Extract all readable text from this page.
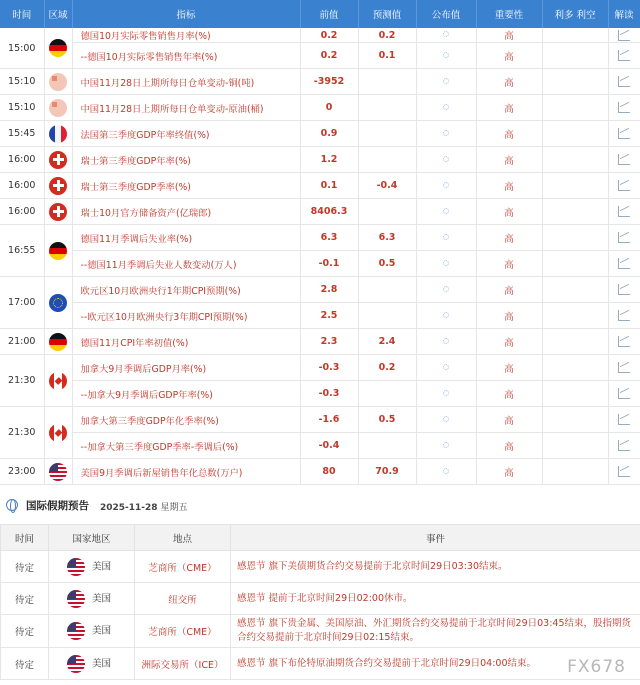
时间	区域	指标	前值	预测值	公布值	重要性	利多 利空	解读
15:00		德国10月实际零售销售月率(%)	0.2	0.2		高		
		--德国10月实际零售销售年率(%)	0.2	0.1		高		
15:10		中国11月28日上期所每日仓单变动-铜(吨)	-3952			高		
15:10		中国11月28日上期所每日仓单变动-原油(桶)	0			高		
15:45		法国第三季度GDP年率终值(%)	0.9			高		
16:00		瑞士第三季度GDP年率(%)	1.2			高		
16:00		瑞士第三季度GDP季率(%)	0.1	-0.4		高		
16:00		瑞士10月官方储备资产(亿瑞郎)	8406.3			高		
16:55		德国11月季调后失业率(%)	6.3	6.3		高		
		--德国11月季调后失业人数变动(万人)	-0.1	0.5		高		
17:00		欧元区10月欧洲央行1年期CPI预期(%)	2.8			高		
		--欧元区10月欧洲央行3年期CPI预期(%)	2.5			高		
21:00		德国11月CPI年率初值(%)	2.3	2.4		高		
21:30		加拿大9月季调后GDP月率(%)	-0.3	0.2		高		
		--加拿大9月季调后GDP年率(%)	-0.3			高		
21:30		加拿大第三季度GDP年化季率(%)	-1.6	0.5		高		
		--加拿大第三季度GDP季率-季调后(%)	-0.4			高		
23:00		美国9月季调后新屋销售年化总数(万户)	80	70.9		高		
国际假期预告 2025-11-28 星期五
时间	国家地区	地点	事件
待定	美国	芝商所（CME）	感恩节 旗下美债期货合约交易提前于北京时间29日03:30结束。
待定	美国	纽交所	感恩节 提前于北京时间29日02:00休市。
待定	美国	芝商所（CME）	感恩节 旗下贵金属、美国原油、外汇期货合约交易提前于北京时间29日03:45结束，股指期货合约交易提前于北京时间29日02:15结束。
待定	美国	洲际交易所（ICE）	感恩节 旗下布伦特原油期货合约交易提前于北京时间29日04:00结束。 FX678
